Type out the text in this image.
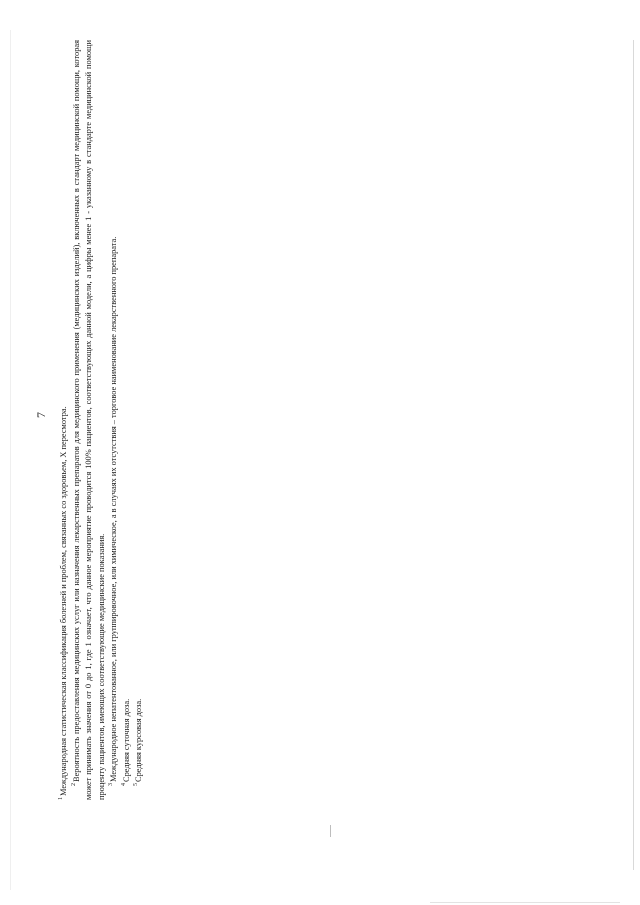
7

$^1$Международная статистическая классификация болезней и проблем, связанных со здоровьем, X пересмотра. $^2$Вероятность предоставления медицинских услуг или назначения лекарственных препаратов для медицинского применения (медицинских изделий), включенных в стандарт медицинской помощи, которая может принимать значения от 0 до 1, где 1 означает, что данное мероприятие проводится 100% пациентов, соответствующих данной модели, а цифры менее 1 - указанному в стандарте медицинской помощи проценту пациентов, имеющих соответствующие медицинские показания. $^3$Международное непатентованное, или группировочное, или химическое, а в случаях их отсутствия – торговое наименование лекарственного препарата.

$^4$Средняя суточная доза.

$^5$Средняя курсовая доза.
